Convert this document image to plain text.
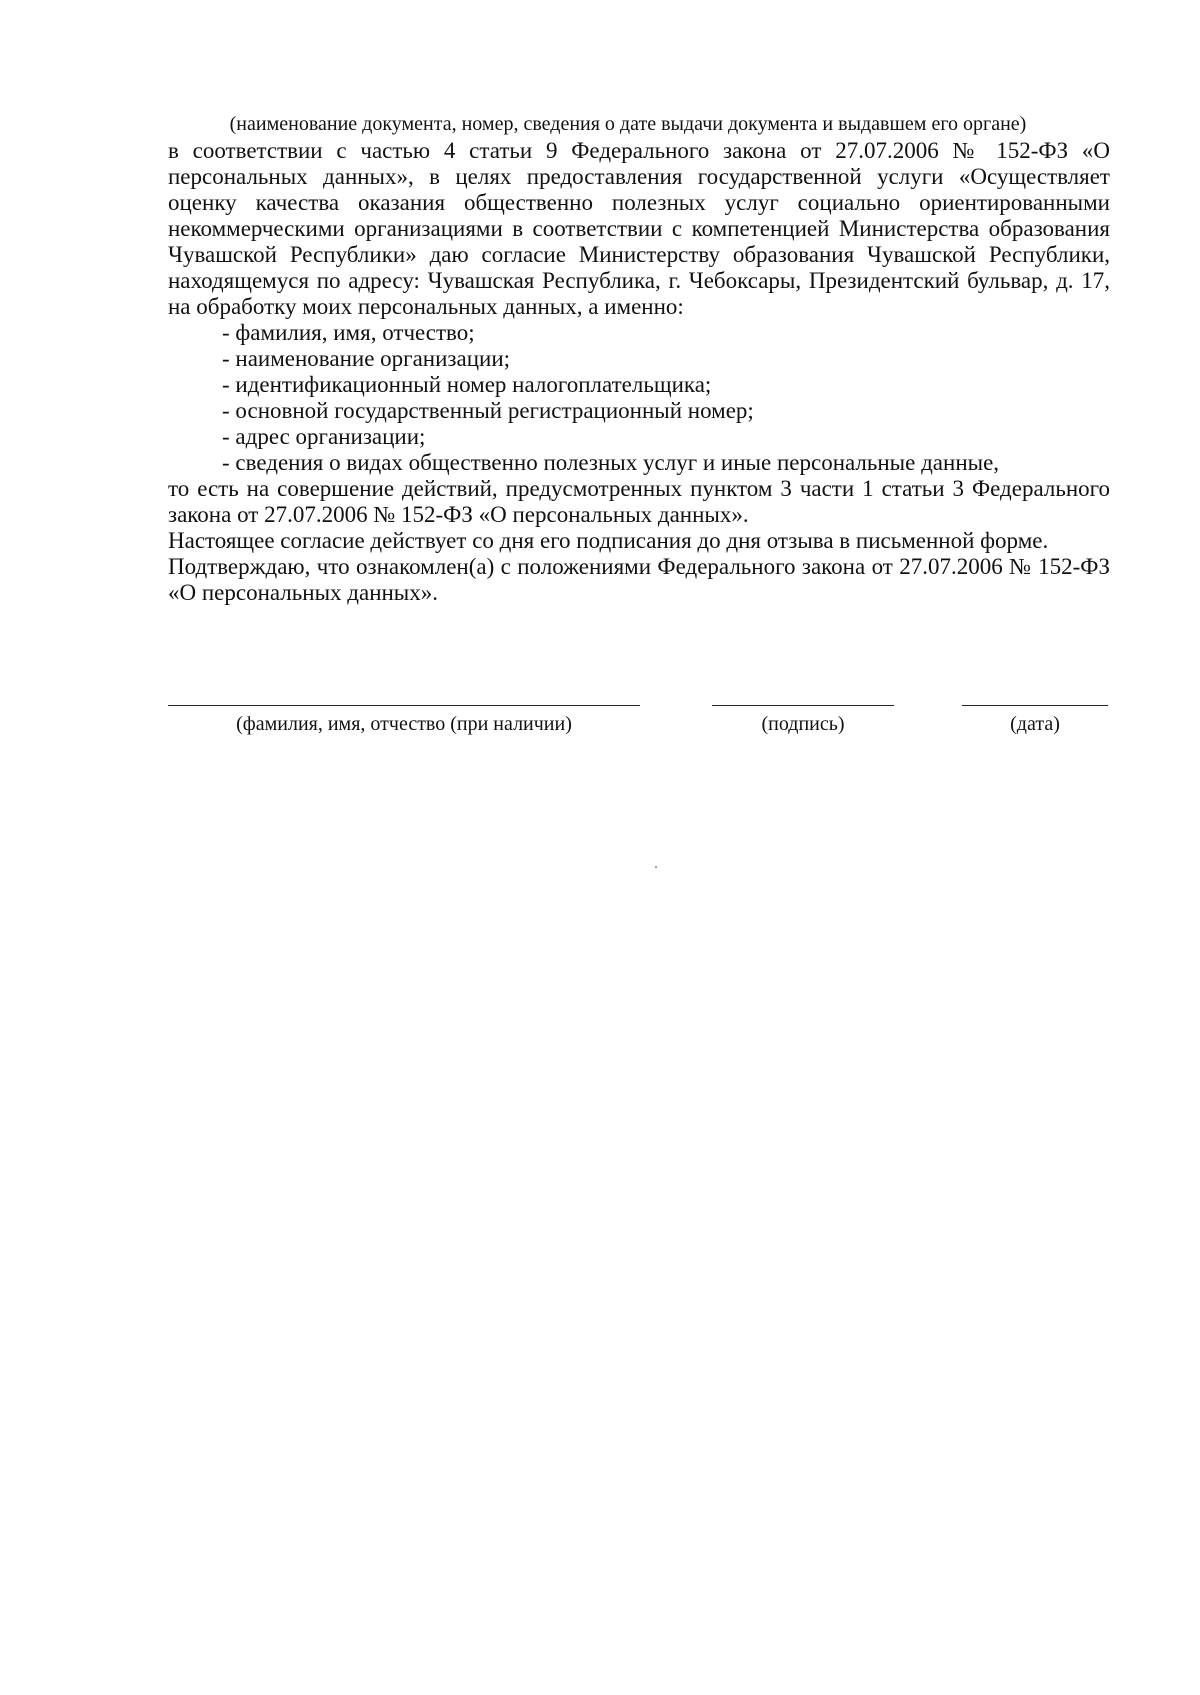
(наименование документа, номер, сведения о дате выдачи документа и выдавшем его органе)

в соответствии с частью 4 статьи 9 Федерального закона от 27.07.2006 № 152-ФЗ «О персональных данных», в целях предоставления государственной услуги «Осуществляет оценку качества оказания общественно полезных услуг социально ориентированными некоммерческими организациями в соответствии с компетенцией Министерства образования Чувашской Республики» даю согласие Министерству образования Чувашской Республики, находящемуся по адресу: Чувашская Республика, г. Чебоксары, Президентский бульвар, д. 17, на обработку моих персональных данных, а именно:

- фамилия, имя, отчество;
- наименование организации;
- идентификационный номер налогоплательщика;
- основной государственный регистрационный номер;
- адрес организации;
- сведения о видах общественно полезных услуг и иные персональные данные,

то есть на совершение действий, предусмотренных пунктом 3 части 1 статьи 3 Федерального закона от 27.07.2006 № 152-ФЗ «О персональных данных».

Настоящее согласие действует со дня его подписания до дня отзыва в письменной форме.

Подтверждаю, что ознакомлен(а) с положениями Федерального закона от 27.07.2006 № 152-ФЗ «О персональных данных».

(фамилия, имя, отчество (при наличии)	(подпись)	(дата)
